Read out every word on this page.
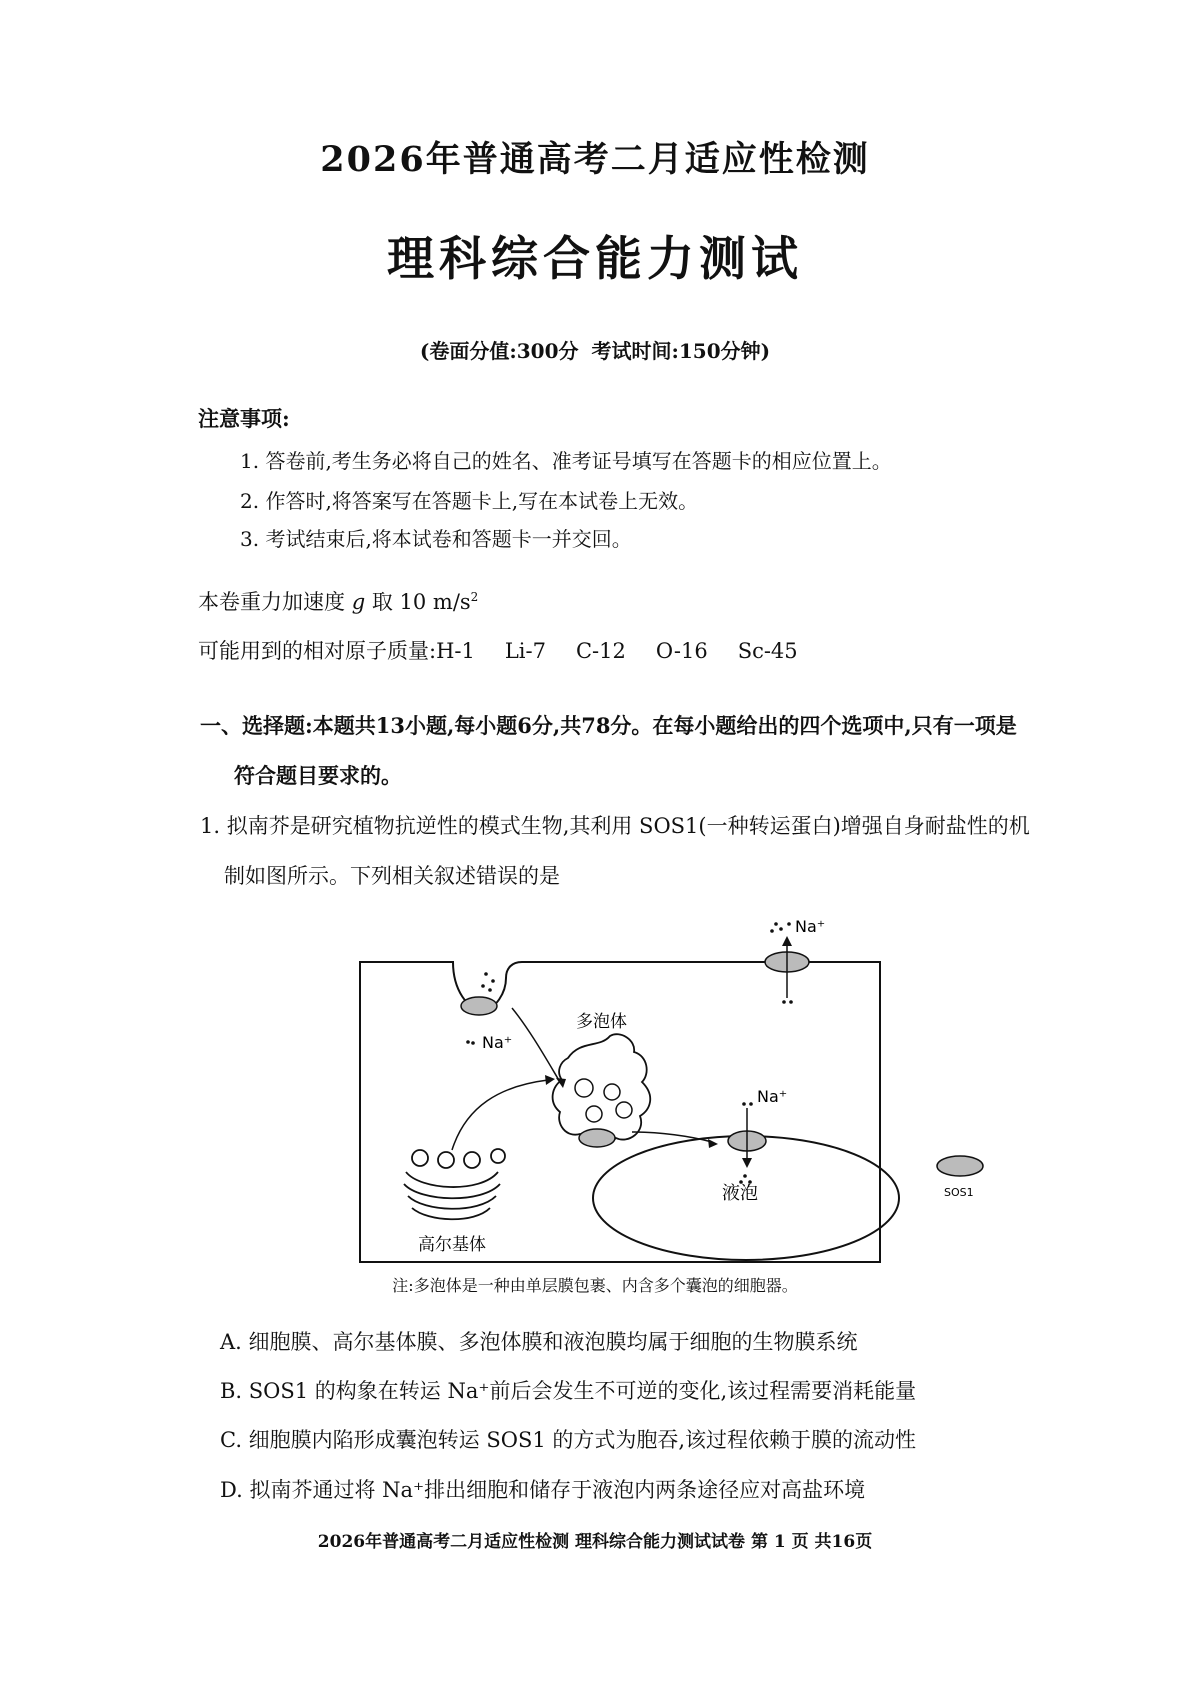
2026年普通高考二月适应性检测
理科综合能力测试
(卷面分值:300分 考试时间:150分钟)
注意事项:
1. 答卷前,考生务必将自己的姓名、准考证号填写在答题卡的相应位置上。
2. 作答时,将答案写在答题卡上,写在本试卷上无效。
3. 考试结束后,将本试卷和答题卡一并交回。
本卷重力加速度 g 取 10 $m/s^2$
可能用到的相对原子质量:H-1 Li-7 C-12 O-16 Sc-45
一、选择题:本题共13小题,每小题6分,共78分。在每小题给出的四个选项中,只有一项是
符合题目要求的。
1. 拟南芥是研究植物抗逆性的模式生物,其利用 SOS1(一种转运蛋白)增强自身耐盐性的机
制如图所示。下列相关叙述错误的是
Na⁺
Na⁺
多泡体
Na⁺
液泡
高尔基体
SOS1
注:多泡体是一种由单层膜包裹、内含多个囊泡的细胞器。
A. 细胞膜、高尔基体膜、多泡体膜和液泡膜均属于细胞的生物膜系统
B. SOS1 的构象在转运 Na⁺前后会发生不可逆的变化,该过程需要消耗能量
C. 细胞膜内陷形成囊泡转运 SOS1 的方式为胞吞,该过程依赖于膜的流动性
D. 拟南芥通过将 Na⁺排出细胞和储存于液泡内两条途径应对高盐环境
2026年普通高考二月适应性检测 理科综合能力测试试卷 第 1 页 共16页
